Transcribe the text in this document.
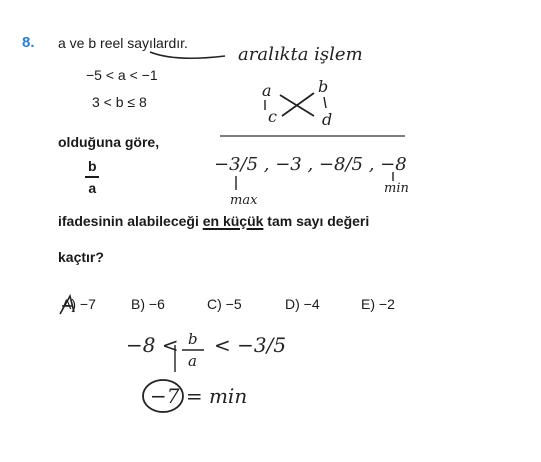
8. a ve b reel sayılardır.
−5 < a < −1
3 < b ≤ 8
olduğuna göre,
b
a
ifadesinin alabileceği en küçük tam sayı değeri
kaçtır?
A) −7	B) −6	C) −5	D) −4	E) −2
aralıkta işlem
a	b
c	d
−3/5 , −3 , −8/5 , −8
max
min
−8 < b
a
< −3/5
−7 = min
